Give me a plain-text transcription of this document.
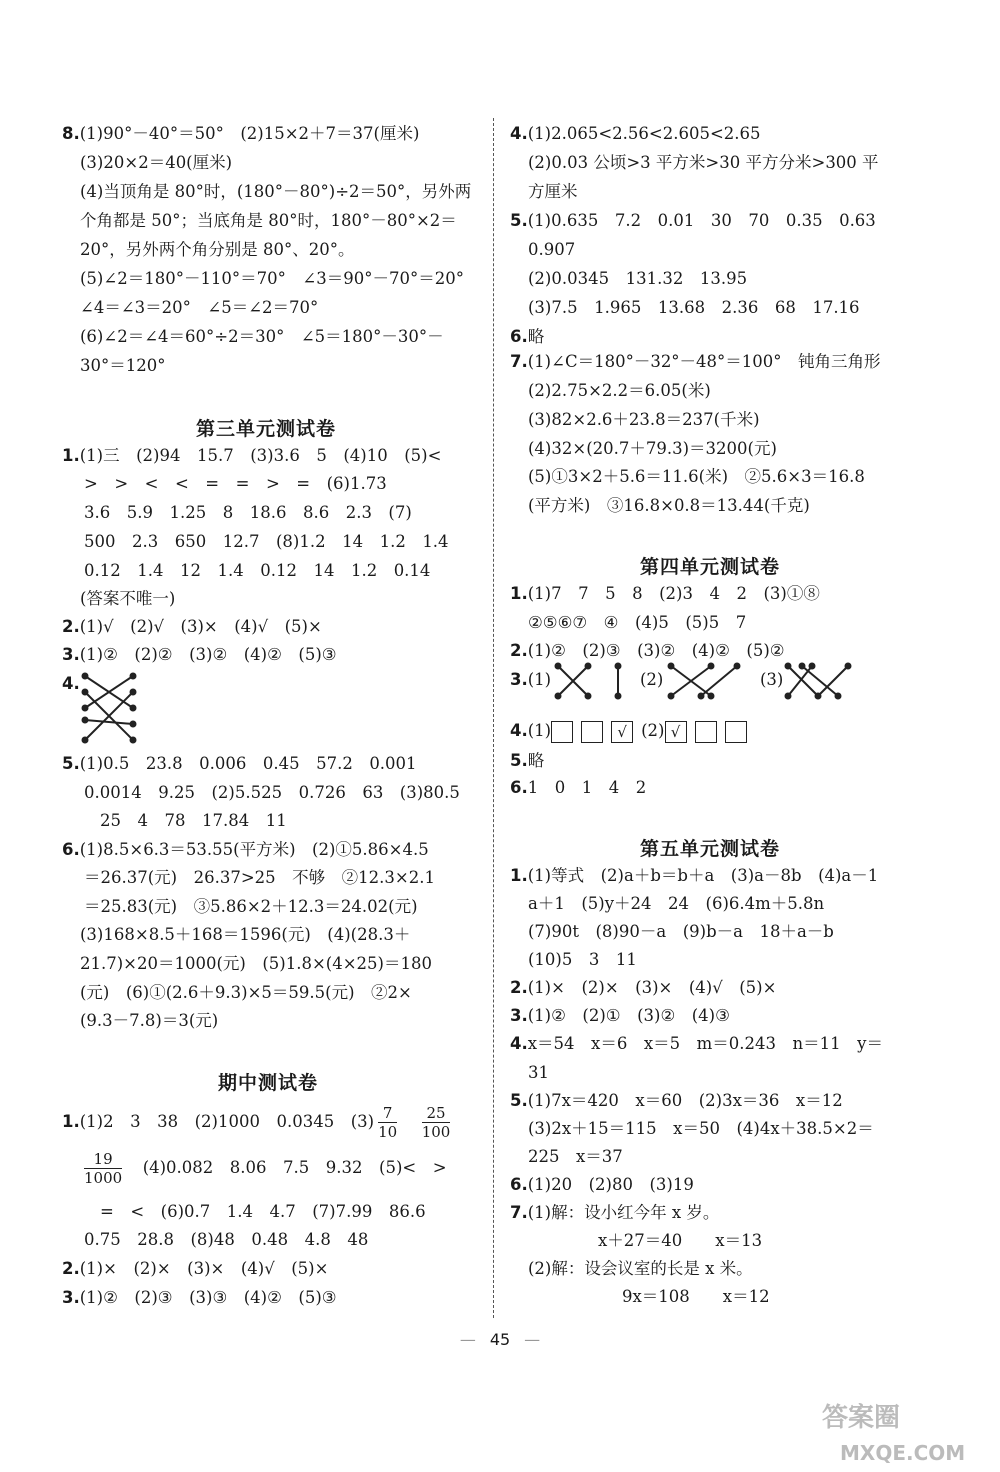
8.(1)90°－40°＝50°　(2)15×2＋7＝37(厘米)
(3)20×2＝40(厘米)
(4)当顶角是 80°时，(180°－80°)÷2＝50°，另外两
个角都是 50°；当底角是 80°时，180°－80°×2＝
20°，另外两个角分别是 80°、20°。
(5)∠2＝180°－110°＝70°　∠3＝90°－70°＝20°
∠4＝∠3＝20°　∠5＝∠2＝70°
(6)∠2＝∠4＝60°÷2＝30°　∠5＝180°－30°－
30°＝120°
第三单元测试卷
1.(1)三　(2)94　15.7　(3)3.6　5　(4)10　(5)<
>　>　<　<　=　=　>　=　(6)1.73
3.6　5.9　1.25　8　18.6　8.6　2.3　(7)
500　2.3　650　12.7　(8)1.2　14　1.2　1.4
0.12　1.4　12　1.4　0.12　14　1.2　0.14
(答案不唯一)
2.(1)√　(2)√　(3)×　(4)√　(5)×
3.(1)②　(2)②　(3)②　(4)②　(5)③
4.
5.(1)0.5　23.8　0.006　0.45　57.2　0.001
0.0014　9.25　(2)5.525　0.726　63　(3)80.5
25　4　78　17.84　11
6.(1)8.5×6.3＝53.55(平方米)　(2)①5.86×4.5
＝26.37(元)　26.37>25　不够　②12.3×2.1
＝25.83(元)　③5.86×2＋12.3＝24.02(元)
(3)168×8.5＋168＝1596(元)　(4)(28.3＋
21.7)×20＝1000(元)　(5)1.8×(4×25)＝180
(元)　(6)①(2.6＋9.3)×5＝59.5(元)　②2×
(9.3－7.8)＝3(元)
期中测试卷
1.(1)2　3　38　(2)1000　0.0345　$(3) \frac{7}{10}$
　 $\frac{25}{100}$
$\frac{19}{1000}$
　 (4)0.082　8.06　7.5　9.32　(5)<　>
=　<　(6)0.7　1.4　4.7　(7)7.99　86.6
0.75　28.8　(8)48　0.48　4.8　48
2.(1)×　(2)×　(3)×　(4)√　(5)×
3.(1)②　(2)③　(3)③　(4)②　(5)③
4.(1)2.065<2.56<2.605<2.65
(2)0.03 公顷>3 平方米>30 平方分米>300 平
方厘米
5.(1)0.635　7.2　0.01　30　70　0.35　0.63
0.907
(2)0.0345　131.32　13.95
(3)7.5　1.965　13.68　2.36　68　17.16
6.略
7.(1)∠C＝180°－32°－48°＝100°　钝角三角形
(2)2.75×2.2＝6.05(米)
(3)82×2.6＋23.8＝237(千米)
(4)32×(20.7＋79.3)＝3200(元)
(5)①3×2＋5.6＝11.6(米)　②5.6×3＝16.8
(平方米)　③16.8×0.8＝13.44(千克)
第四单元测试卷
1.(1)7　7　5　8　(2)3　4　2　(3)①⑧
②⑤⑥⑦　④　(4)5　(5)5　7
2.(1)②　(2)③　(3)②　(4)②　(5)②
3.(1)	(2)	(3)
4.(1)	√ (2) √
5.略
6.1　0　1　4　2
第五单元测试卷
1.(1)等式　(2)a＋b＝b＋a　(3)a－8b　(4)a－1
a＋1　(5)y＋24　24　(6)6.4m＋5.8n
(7)90t　(8)90－a　(9)b－a　18＋a－b
(10)5　3　11
2.(1)×　(2)×　(3)×　(4)√　(5)×
3.(1)②　(2)①　(3)②　(4)③
4.x＝54　x＝6　x＝5　m＝0.243　n＝11　y＝
31
5.(1)7x＝420　x＝60　(2)3x＝36　x＝12
(3)2x＋15＝115　x＝50　(4)4x＋38.5×2＝
225　x＝37
6.(1)20　(2)80　(3)19
7.(1)解：设小红今年 x 岁。
x＋27＝40　　x＝13
(2)解：设会议室的长是 x 米。
9x＝108　　x＝12
— 45 —
答案圈
MXQE.COM
